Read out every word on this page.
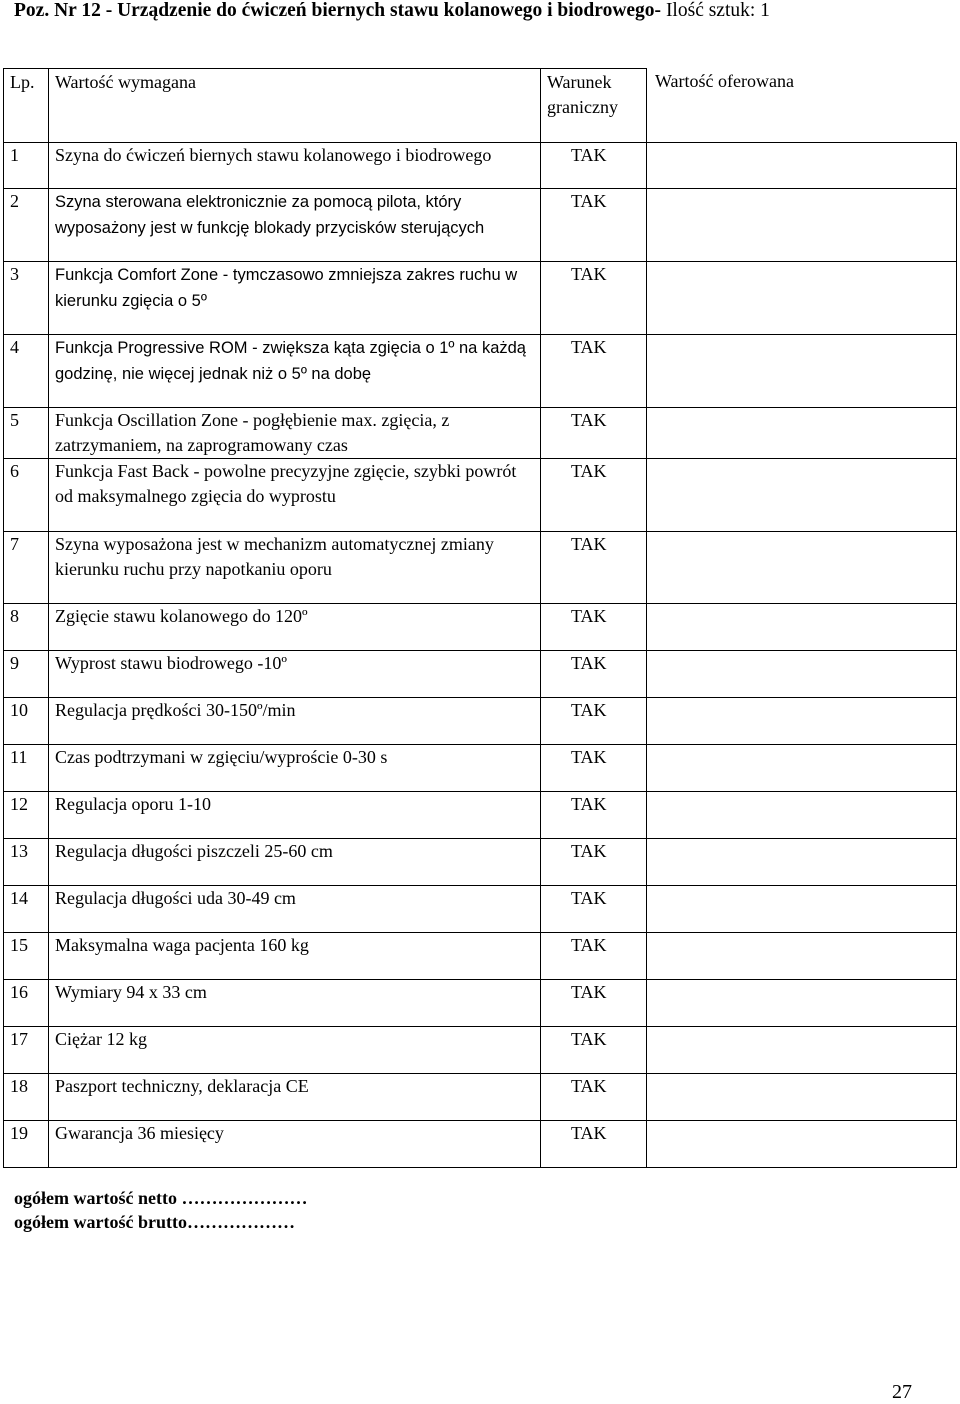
Poz. Nr 12 - Urządzenie do ćwiczeń biernych stawu kolanowego i biodrowego- Ilość sztuk: 1
Lp.	Wartość wymagana	Warunek graniczny	Wartość oferowana
1	Szyna do ćwiczeń biernych stawu kolanowego i biodrowego	TAK	
2	Szyna sterowana elektronicznie za pomocą pilota, który wyposażony jest w funkcję blokady przycisków sterujących	TAK	
3	Funkcja Comfort Zone - tymczasowo zmniejsza zakres ruchu w kierunku zgięcia o 5º	TAK	
4	Funkcja Progressive ROM - zwiększa kąta zgięcia o 1º na każdą godzinę, nie więcej jednak niż o 5º na dobę	TAK	
5	Funkcja Oscillation Zone - pogłębienie max. zgięcia, z zatrzymaniem, na zaprogramowany czas	TAK	
6	Funkcja Fast Back - powolne precyzyjne zgięcie, szybki powrót od maksymalnego zgięcia do wyprostu	TAK	
7	Szyna wyposażona jest w mechanizm automatycznej zmiany kierunku ruchu przy napotkaniu oporu	TAK	
8	Zgięcie stawu kolanowego do 120º	TAK	
9	Wyprost stawu biodrowego -10º	TAK	
10	Regulacja prędkości 30-150º/min	TAK	
11	Czas podtrzymani w zgięciu/wyproście 0-30 s	TAK	
12	Regulacja oporu 1-10	TAK	
13	Regulacja długości piszczeli 25-60 cm	TAK	
14	Regulacja długości uda 30-49 cm	TAK	
15	Maksymalna waga pacjenta 160 kg	TAK	
16	Wymiary 94 x 33 cm	TAK	
17	Ciężar 12 kg	TAK	
18	Paszport techniczny, deklaracja CE	TAK	
19	Gwarancja 36 miesięcy	TAK	
ogółem wartość netto …………………
ogółem wartość brutto………………
27
